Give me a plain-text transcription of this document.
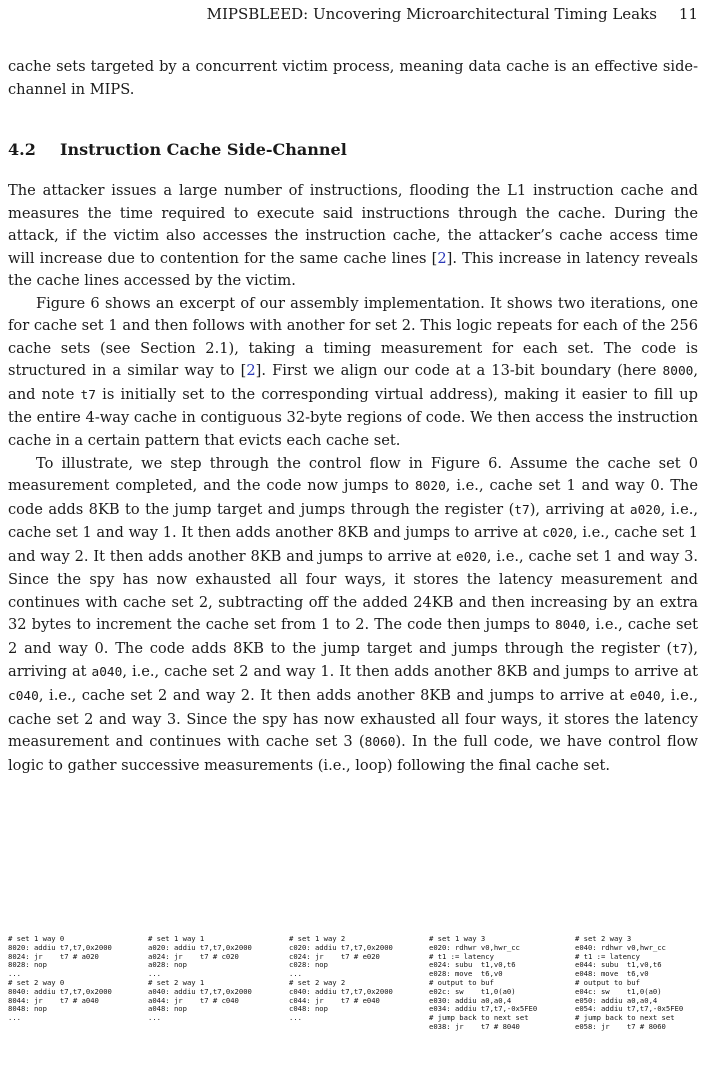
MIPSBLEED: Uncovering Microarchitectural Timing Leaks 11

cache sets targeted by a concurrent victim process, meaning data cache is an effective side-channel in MIPS.

4.2 Instruction Cache Side-Channel

The attacker issues a large number of instructions, flooding the L1 instruction cache and measures the time required to execute said instructions through the cache. During the attack, if the victim also accesses the instruction cache, the attacker’s cache access time will increase due to contention for the same cache lines [2]. This increase in latency reveals the cache lines accessed by the victim.

Figure 6 shows an excerpt of our assembly implementation. It shows two iterations, one for cache set 1 and then follows with another for set 2. This logic repeats for each of the 256 cache sets (see Section 2.1), taking a timing measurement for each set. The code is structured in a similar way to [2]. First we align our code at a 13-bit boundary (here 8000, and note t7 is initially set to the corresponding virtual address), making it easier to fill up the entire 4-way cache in contiguous 32-byte regions of code. We then access the instruction cache in a certain pattern that evicts each cache set.

To illustrate, we step through the control flow in Figure 6. Assume the cache set 0 measurement completed, and the code now jumps to 8020, i.e., cache set 1 and way 0. The code adds 8KB to the jump target and jumps through the register (t7), arriving at a020, i.e., cache set 1 and way 1. It then adds another 8KB and jumps to arrive at c020, i.e., cache set 1 and way 2. It then adds another 8KB and jumps to arrive at e020, i.e., cache set 1 and way 3. Since the spy has now exhausted all four ways, it stores the latency measurement and continues with cache set 2, subtracting off the added 24KB and then increasing by an extra 32 bytes to increment the cache set from 1 to 2. The code then jumps to 8040, i.e., cache set 2 and way 0. The code adds 8KB to the jump target and jumps through the register (t7), arriving at a040, i.e., cache set 2 and way 1. It then adds another 8KB and jumps to arrive at c040, i.e., cache set 2 and way 2. It then adds another 8KB and jumps to arrive at e040, i.e., cache set 2 and way 3. Since the spy has now exhausted all four ways, it stores the latency measurement and continues with cache set 3 (8060). In the full code, we have control flow logic to gather successive measurements (i.e., loop) following the final cache set.

# set 1 way 0
8020: addiu t7,t7,0x2000
8024: jr    t7 # a020
8028: nop
...
# set 2 way 0
8040: addiu t7,t7,0x2000
8044: jr    t7 # a040
8048: nop
...
# set 1 way 1
a020: addiu t7,t7,0x2000
a024: jr    t7 # c020
a028: nop
...
# set 2 way 1
a040: addiu t7,t7,0x2000
a044: jr    t7 # c040
a048: nop
...
# set 1 way 2
c020: addiu t7,t7,0x2000
c024: jr    t7 # e020
c028: nop
...
# set 2 way 2
c040: addiu t7,t7,0x2000
c044: jr    t7 # e040
c048: nop
...
# set 1 way 3
e020: rdhwr v0,hwr_cc
# t1 := latency
e024: subu  t1,v0,t6
e028: move  t6,v0
# output to buf
e02c: sw    t1,0(a0)
e030: addiu a0,a0,4
e034: addiu t7,t7,-0x5FE0
# jump back to next set
e038: jr    t7 # 8040
# set 2 way 3
e040: rdhwr v0,hwr_cc
# t1 := latency
e044: subu  t1,v0,t6
e048: move  t6,v0
# output to buf
e04c: sw    t1,0(a0)
e050: addiu a0,a0,4
e054: addiu t7,t7,-0x5FE0
# jump back to next set
e058: jr    t7 # 8060
